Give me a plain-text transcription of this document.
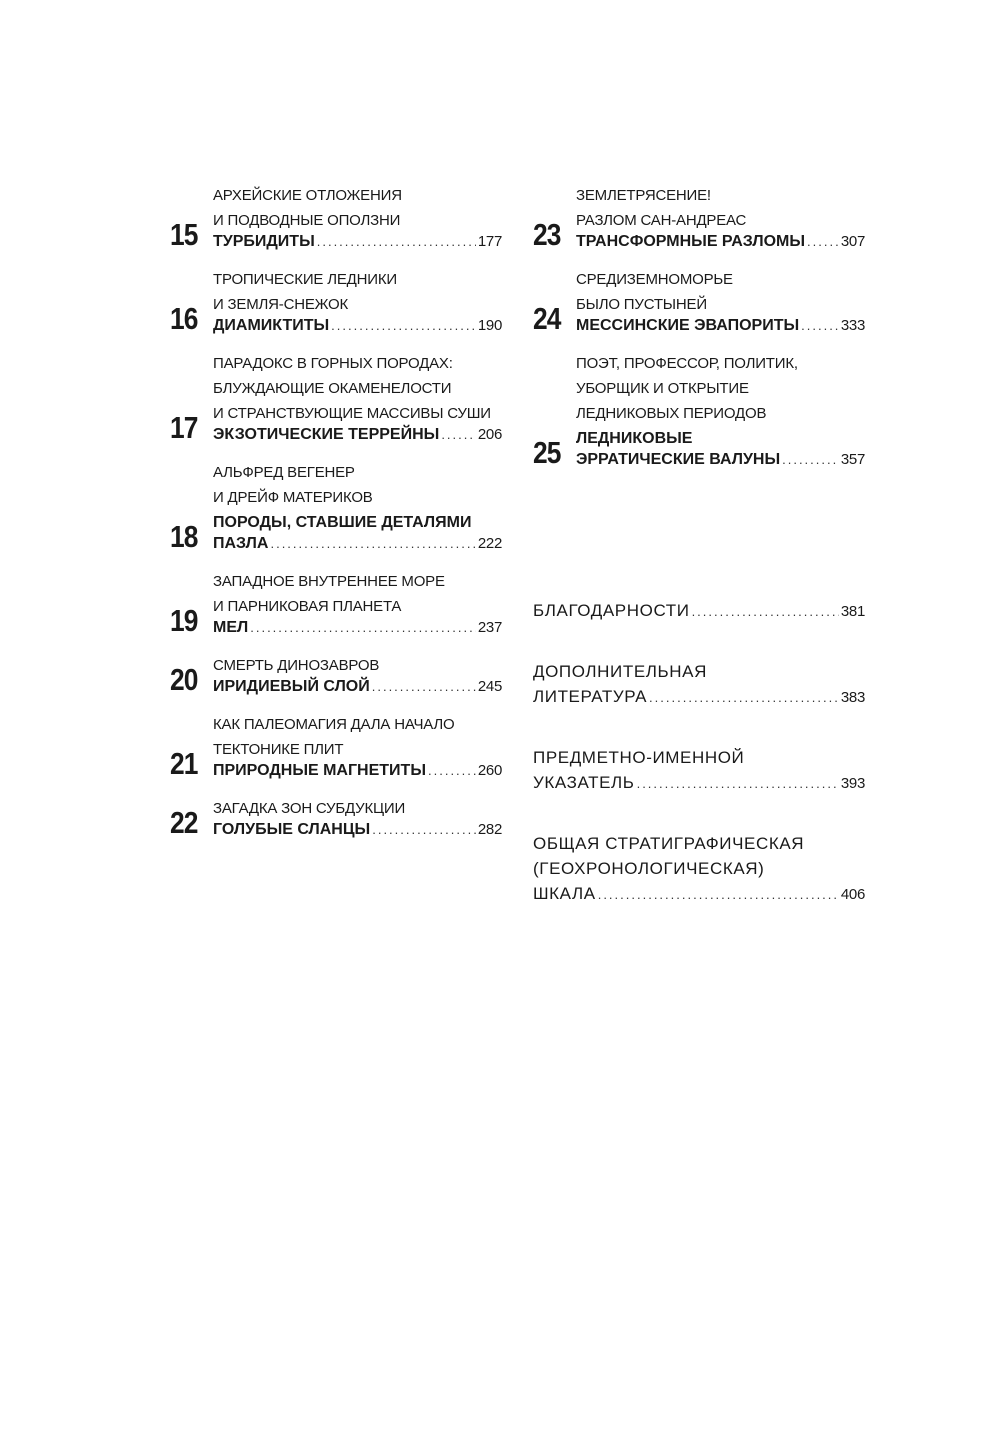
15
АРХЕЙСКИЕ ОТЛОЖЕНИЯ
И ПОДВОДНЫЕ ОПОЛЗНИ
ТУРБИДИТЫ .....	177
16
ТРОПИЧЕСКИЕ ЛЕДНИКИ
И ЗЕМЛЯ-СНЕЖОК
ДИАМИКТИТЫ .....	190
17
ПАРАДОКС В ГОРНЫХ ПОРОДАХ:
БЛУЖДАЮЩИЕ ОКАМЕНЕЛОСТИ
И СТРАНСТВУЮЩИЕ МАССИВЫ СУШИ
ЭКЗОТИЧЕСКИЕ ТЕРРЕЙНЫ .....	206
18
АЛЬФРЕД ВЕГЕНЕР
И ДРЕЙФ МАТЕРИКОВ
ПОРОДЫ, СТАВШИЕ ДЕТАЛЯМИ
ПАЗЛА .....	222
19
ЗАПАДНОЕ ВНУТРЕННЕЕ МОРЕ
И ПАРНИКОВАЯ ПЛАНЕТА
МЕЛ .....	237
20	СМЕРТЬ ДИНОЗАВРОВ
ИРИДИЕВЫЙ СЛОЙ .....	245
21
КАК ПАЛЕОМАГИЯ ДАЛА НАЧАЛО
ТЕКТОНИКЕ ПЛИТ
ПРИРОДНЫЕ МАГНЕТИТЫ .....	260
22	ЗАГАДКА ЗОН СУБДУКЦИИ
ГОЛУБЫЕ СЛАНЦЫ .....	282
23
ЗЕМЛЕТРЯСЕНИЕ!
РАЗЛОМ САН-АНДРЕАС
ТРАНСФОРМНЫЕ РАЗЛОМЫ ..... 307
24
СРЕДИЗЕМНОМОРЬЕ
БЫЛО ПУСТЫНЕЙ
МЕССИНСКИЕ ЭВАПОРИТЫ .....	333
25
ПОЭТ, ПРОФЕССОР, ПОЛИТИК,
УБОРЩИК И ОТКРЫТИЕ
ЛЕДНИКОВЫХ ПЕРИОДОВ
ЛЕДНИКОВЫЕ
ЭРРАТИЧЕСКИЕ ВАЛУНЫ .....	357
БЛАГОДАРНОСТИ .....	381
ДОПОЛНИТЕЛЬНАЯ
ЛИТЕРАТУРА .....	383
ПРЕДМЕТНО-ИМЕННОЙ
УКАЗАТЕЛЬ .....	393
ОБЩАЯ СТРАТИГРАФИЧЕСКАЯ
(ГЕОХРОНОЛОГИЧЕСКАЯ)
ШКАЛА .....	406
